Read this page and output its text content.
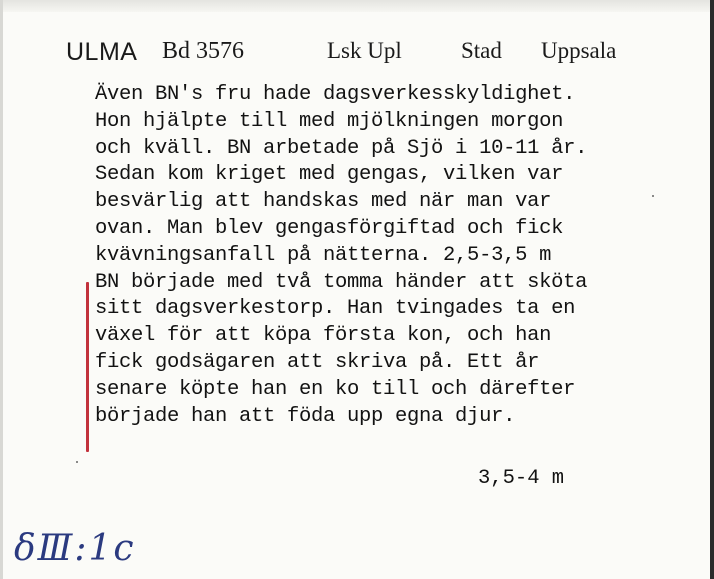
ULMA Bd 3576	Lsk Upl	Stad Uppsala
Även BN's fru hade dagsverkesskyldighet.
Hon hjälpte till med mjölkningen morgon
och kväll. BN arbetade på Sjö i 10-11 år.
Sedan kom kriget med gengas, vilken var
besvärlig att handskas med när man var
ovan. Man blev gengasförgiftad och fick
kvävningsanfall på nätterna. 2,5-3,5 m
BN började med två tomma händer att sköta
sitt dagsverkestorp. Han tvingades ta en
växel för att köpa första kon, och han
fick godsägaren att skriva på. Ett år
senare köpte han en ko till och därefter
började han att föda upp egna djur.
3,5-4 m
δⅢ:1c
